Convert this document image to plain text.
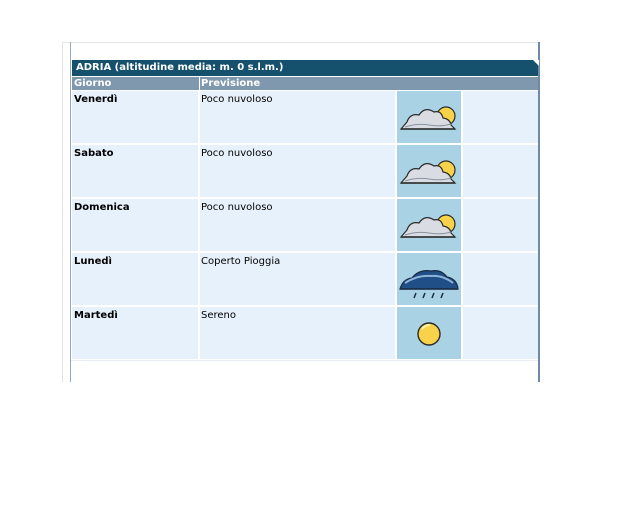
ADRIA (altitudine media: m. 0 s.l.m.)
Giorno	Previsione
Venerdì	Poco nuvoloso
Sabato	Poco nuvoloso
Domenica	Poco nuvoloso
Lunedì	Coperto Pioggia
Martedì	Sereno
